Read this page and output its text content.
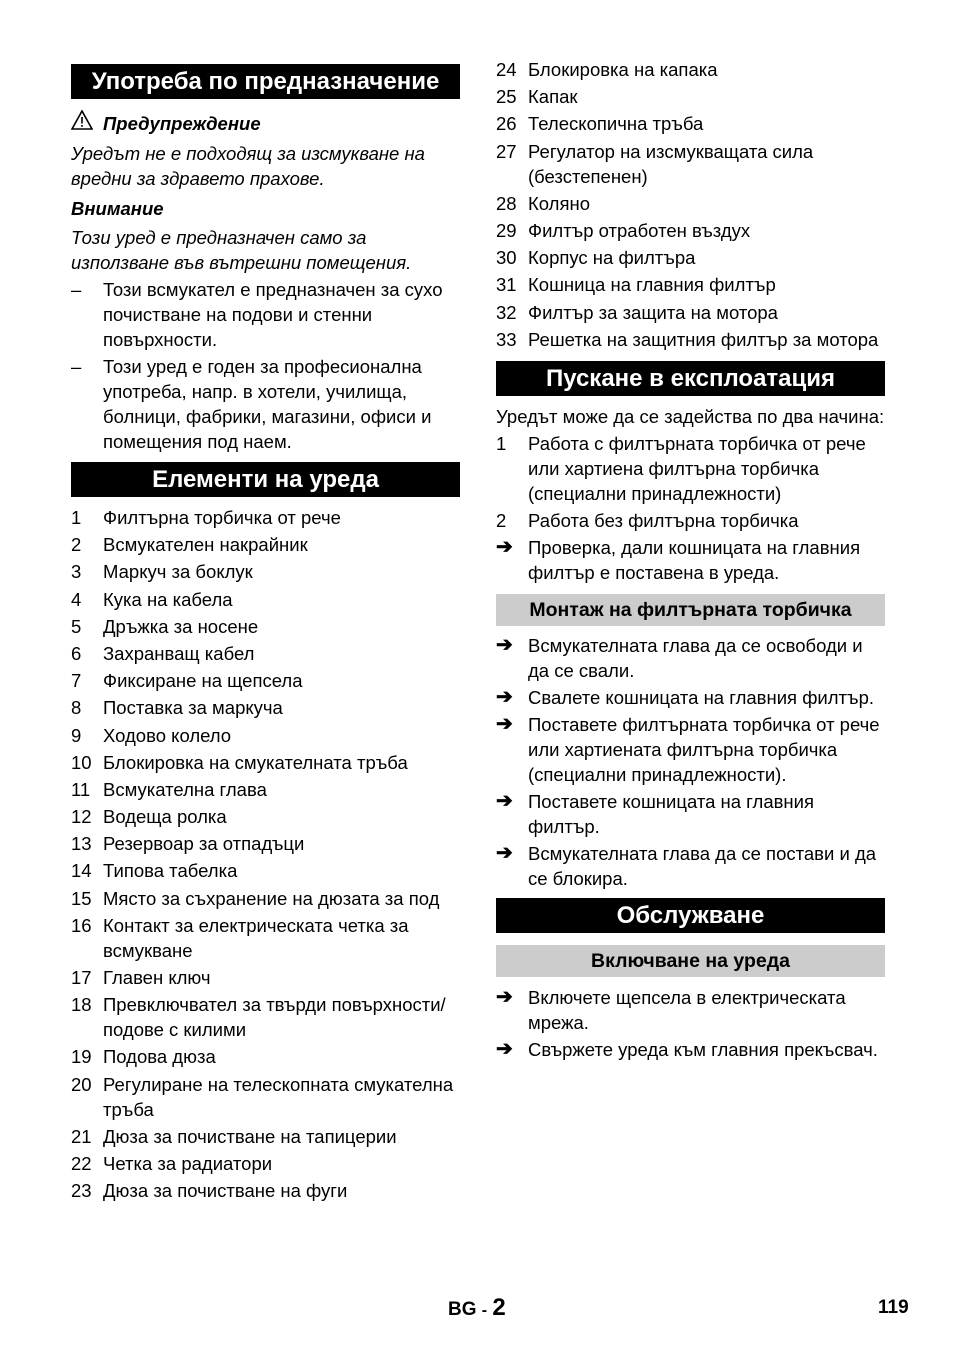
Употреба по предназначение
Предупреждение

Уредът не е подходящ за изсмукване на вредни за здравето прахове.

Внимание

Този уред е предназначен само за използване във вътрешни помещения.

–	Този всмукател е предназначен за сухо почистване на подови и стенни повърхности.
–	Този уред е годен за професионална употреба, напр. в хотели, училища, болници, фабрики, магазини, офиси и помещения под наем.
Елементи на уреда
1	Филтърна торбичка от рече
2	Всмукателен накрайник
3	Маркуч за боклук
4	Кука на кабела
5	Дръжка за носене
6	Захранващ кабел
7	Фиксиране на щепсела
8	Поставка за маркуча
9	Ходово колело
10 Блокировка на смукателната тръба
11 Всмукателна глава
12 Водеща ролка
13 Резервоар за отпадъци
14 Типова табелка
15 Място за съхранение на дюзата за под
16 Контакт за електрическата четка за всмукване
17 Главен ключ
18 Превключвател за твърди повърхности/подове с килими
19 Подова дюза
20 Регулиране на телескопната смукателна тръба
21 Дюза за почистване на тапицерии
22 Четка за радиатори
23 Дюза за почистване на фуги
24 Блокировка на капака
25 Капак
26 Телескопична тръба
27 Регулатор на изсмукващата сила (безстепенен)
28 Коляно
29 Филтър отработен въздух
30 Корпус на филтъра
31 Кошница на главния филтър
32 Филтър за защита на мотора
33 Решетка на защитния филтър за мотора
Пускане в експлоатация

Уредът може да се задейства по два начина:

1	Работа с филтърната торбичка от рече или хартиена филтърна торбичка (специални принадлежности)
2	Работа без филтърна торбичка
➔ Проверка, дали кошницата на главния филтър е поставена в уреда.
Монтаж на филтърната торбичка
➔ Всмукателната глава да се освободи и да се свали.
➔ Свалете кошницата на главния филтър.
➔ Поставете филтърната торбичка от рече или хартиената филтърна торбичка (специални принадлежности).
➔ Поставете кошницата на главния филтър.
➔ Всмукателната глава да се постави и да се блокира.
Обслужване
Включване на уреда
➔ Включете щепсела в електрическата мрежа.
➔ Свържете уреда към главния прекъсвач.
BG - 2	119
